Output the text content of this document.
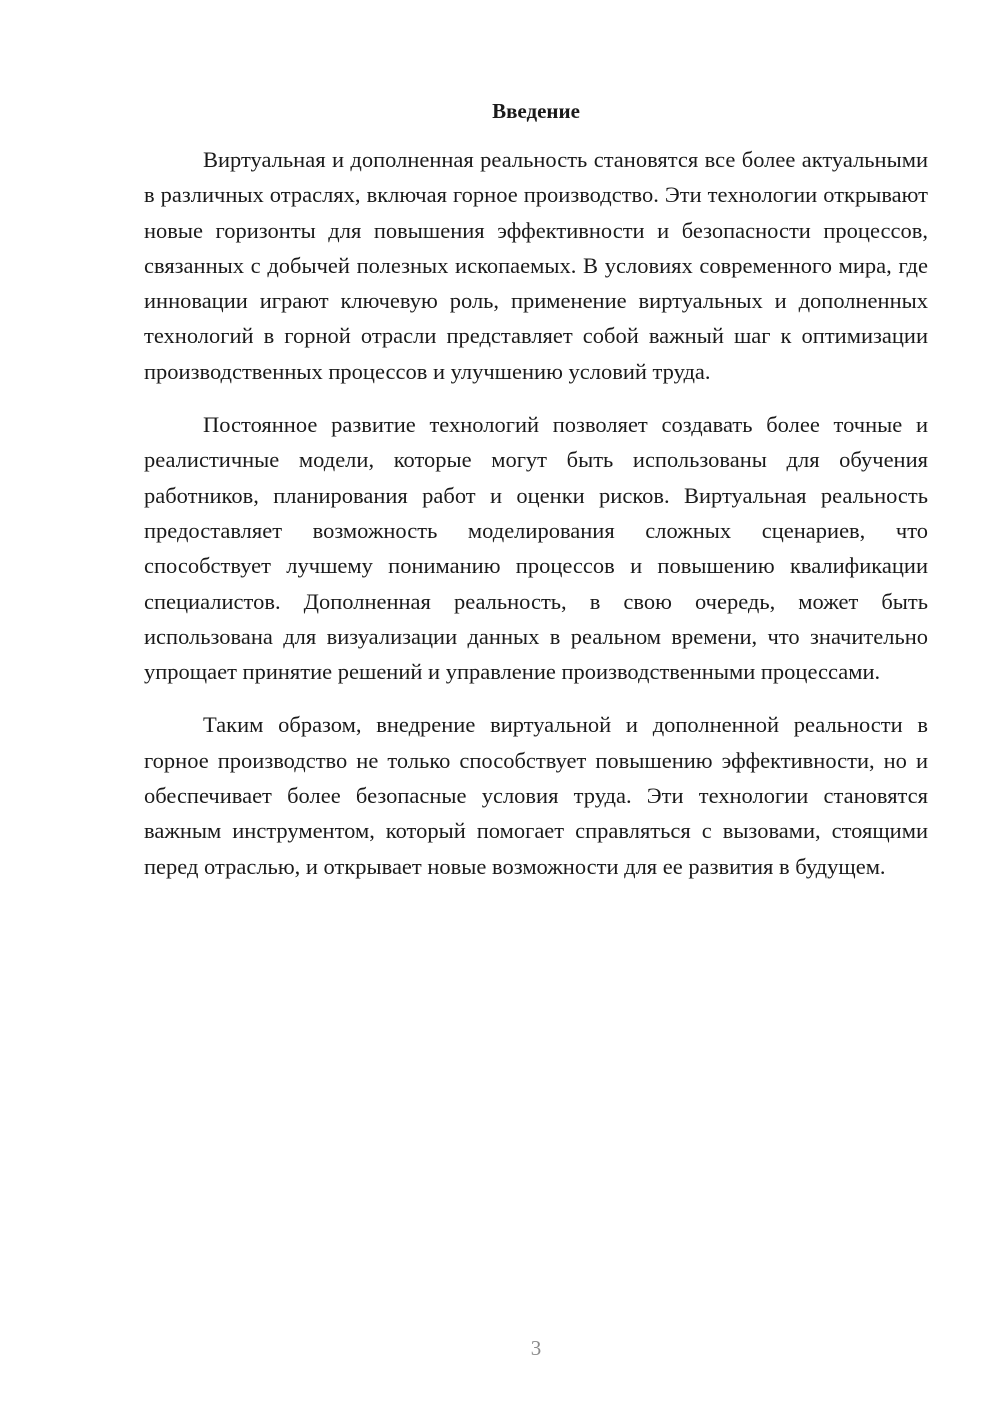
Введение

Виртуальная и дополненная реальность становятся все более актуальными в различных отраслях, включая горное производство. Эти технологии открывают новые горизонты для повышения эффективности и безопасности процессов, связанных с добычей полезных ископаемых. В условиях современного мира, где инновации играют ключевую роль, применение виртуальных и дополненных технологий в горной отрасли представляет собой важный шаг к оптимизации производственных процессов и улучшению условий труда.

Постоянное развитие технологий позволяет создавать более точные и реалистичные модели, которые могут быть использованы для обучения работников, планирования работ и оценки рисков. Виртуальная реальность предоставляет возможность моделирования сложных сценариев, что способствует лучшему пониманию процессов и повышению квалификации специалистов. Дополненная реальность, в свою очередь, может быть использована для визуализации данных в реальном времени, что значительно упрощает принятие решений и управление производственными процессами.

Таким образом, внедрение виртуальной и дополненной реальности в горное производство не только способствует повышению эффективности, но и обеспечивает более безопасные условия труда. Эти технологии становятся важным инструментом, который помогает справляться с вызовами, стоящими перед отраслью, и открывает новые возможности для ее развития в будущем.

3
